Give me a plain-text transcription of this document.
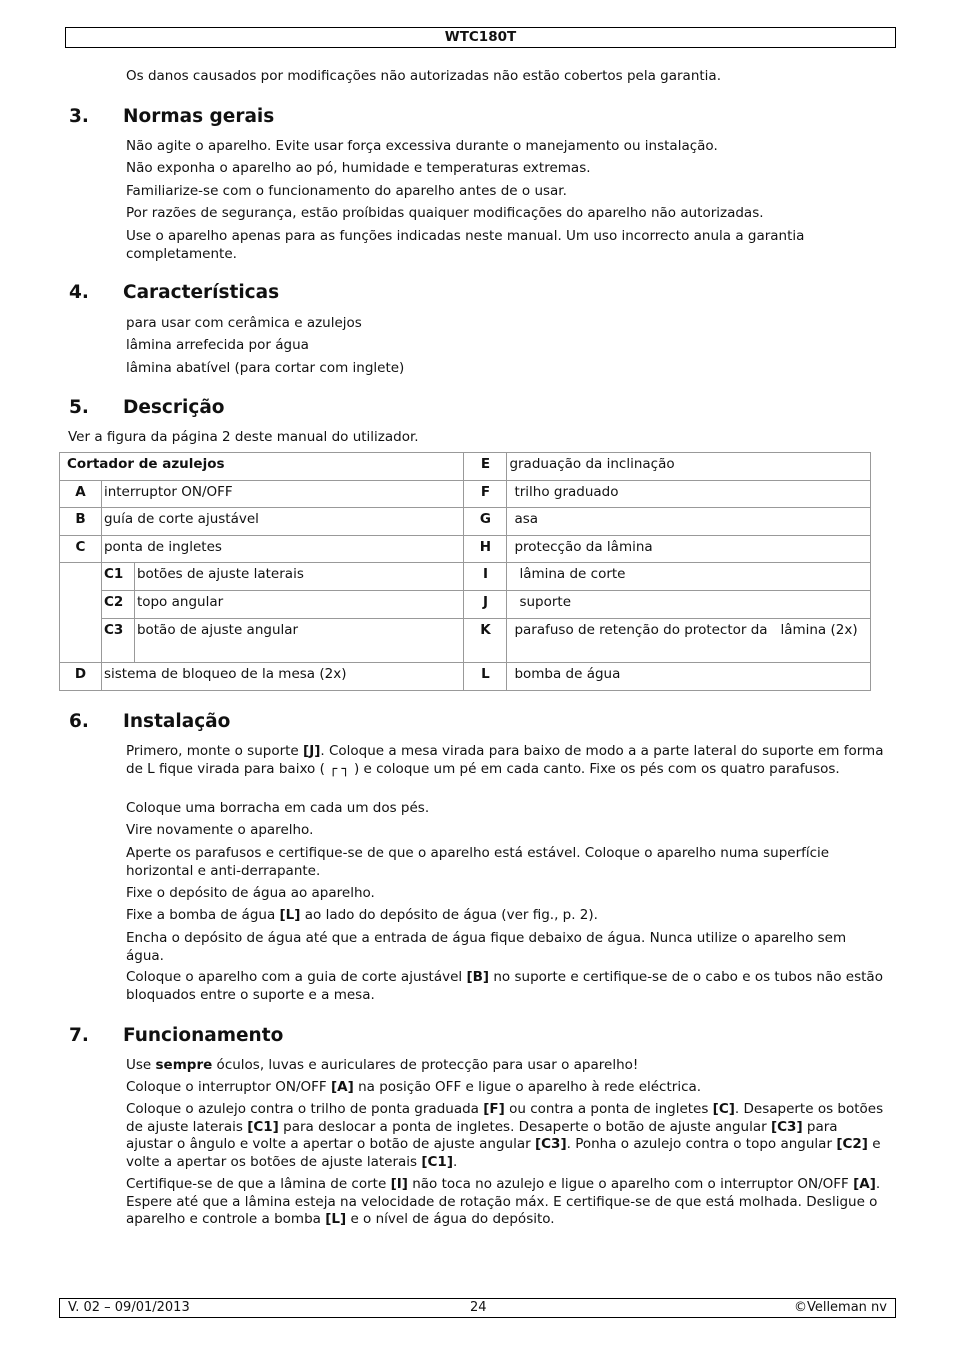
WTC180T

Os danos causados por modificações não autorizadas não estão cobertos pela garantia.

3. Normas gerais

Não agite o aparelho. Evite usar força excessiva durante o manejamento ou instalação.

Não exponha o aparelho ao pó, humidade e temperaturas extremas.

Familiarize-se com o funcionamento do aparelho antes de o usar.

Por razões de segurança, estão proíbidas quaiquer modificações do aparelho não autorizadas.

Use o aparelho apenas para as funções indicadas neste manual. Um uso incorrecto anula a garantia completamente.

4. Características

para usar com cerâmica e azulejos

lâmina arrefecida por água

lâmina abatível (para cortar com inglete)

5. Descrição

Ver a figura da página 2 deste manual do utilizador.

Cortador de azulejos			E	graduação da inclinação
A	interruptor ON/OFF		F	trilho graduado
B	guía de corte ajustável		G	asa
C	ponta de ingletes		H	protecção da lâmina
	C1	botões de ajuste laterais	I	lâmina de corte
	C2	topo angular	J	suporte
	C3	botão de ajuste angular	K	parafuso de retenção do protector da   lâmina (2x)
D	sistema de bloqueo de la mesa (2x)		L	bomba de água
6. Instalação

Primero, monte o suporte [J]. Coloque a mesa virada para baixo de modo a a parte lateral do suporte em forma de L fique virada para baixo ( ┌ ┐ ) e coloque um pé em cada canto. Fixe os pés com os quatro parafusos.

Coloque uma borracha em cada um dos pés.

Vire novamente o aparelho.

Aperte os parafusos e certifique-se de que o aparelho está estável. Coloque o aparelho numa superfície horizontal e anti-derrapante.

Fixe o depósito de água ao aparelho.

Fixe a bomba de água [L] ao lado do depósito de água (ver fig., p. 2).

Encha o depósito de água até que a entrada de água fique debaixo de água. Nunca utilize o aparelho sem água.

Coloque o aparelho com a guia de corte ajustável [B] no suporte e certifique-se de o cabo e os tubos não estão bloquados entre o suporte e a mesa.

7. Funcionamento

Use sempre óculos, luvas e auriculares de protecção para usar o aparelho!

Coloque o interruptor ON/OFF [A] na posição OFF e ligue o aparelho à rede eléctrica.

Coloque o azulejo contra o trilho de ponta graduada [F] ou contra a ponta de ingletes [C]. Desaperte os botões de ajuste laterais [C1] para deslocar a ponta de ingletes. Desaperte o botão de ajuste angular [C3] para ajustar o ângulo e volte a apertar o botão de ajuste angular [C3]. Ponha o azulejo contra o topo angular [C2] e volte a apertar os botões de ajuste laterais [C1].

Certifique-se de que a lâmina de corte [I] não toca no azulejo e ligue o aparelho com o interruptor ON/OFF [A]. Espere até que a lâmina esteja na velocidade de rotação máx. E certifique-se de que está molhada. Desligue o aparelho e controle a bomba [L] e o nível de água do depósito.

V. 02 – 09/01/2013	24	©Velleman nv
